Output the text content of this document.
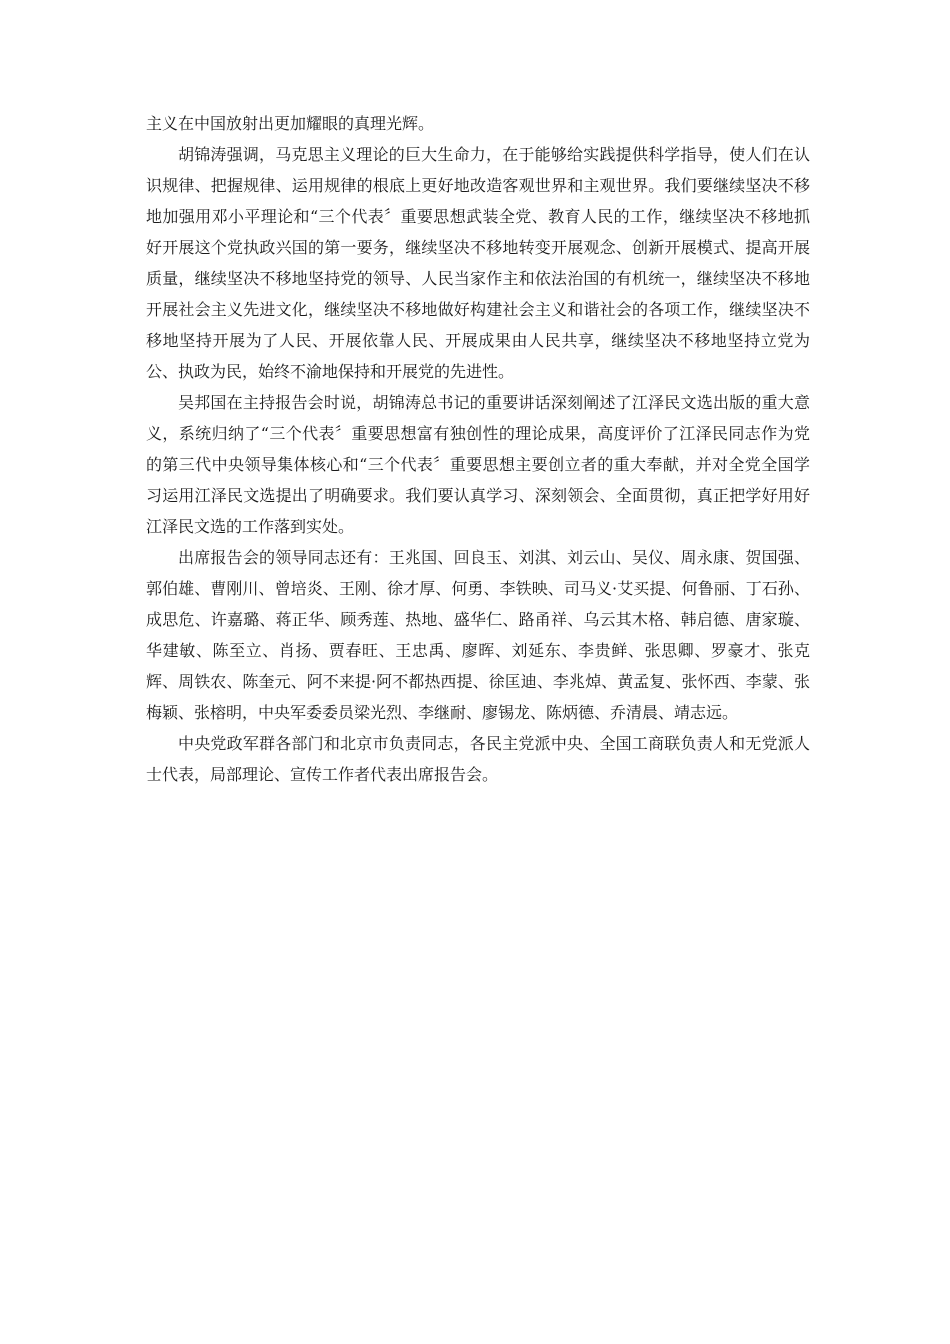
主义在中国放射出更加耀眼的真理光辉。

胡锦涛强调，马克思主义理论的巨大生命力，在于能够给实践提供科学指导，使人们在认识规律、把握规律、运用规律的根底上更好地改造客观世界和主观世界。我们要继续坚决不移地加强用邓小平理论和“三个代表〞重要思想武装全党、教育人民的工作，继续坚决不移地抓好开展这个党执政兴国的第一要务，继续坚决不移地转变开展观念、创新开展模式、提高开展质量，继续坚决不移地坚持党的领导、人民当家作主和依法治国的有机统一，继续坚决不移地开展社会主义先进文化，继续坚决不移地做好构建社会主义和谐社会的各项工作，继续坚决不移地坚持开展为了人民、开展依靠人民、开展成果由人民共享，继续坚决不移地坚持立党为公、执政为民，始终不渝地保持和开展党的先进性。

吴邦国在主持报告会时说，胡锦涛总书记的重要讲话深刻阐述了江泽民文选出版的重大意义，系统归纳了“三个代表〞重要思想富有独创性的理论成果，高度评价了江泽民同志作为党的第三代中央领导集体核心和“三个代表〞重要思想主要创立者的重大奉献，并对全党全国学习运用江泽民文选提出了明确要求。我们要认真学习、深刻领会、全面贯彻，真正把学好用好江泽民文选的工作落到实处。

出席报告会的领导同志还有：王兆国、回良玉、刘淇、刘云山、吴仪、周永康、贺国强、郭伯雄、曹刚川、曾培炎、王刚、徐才厚、何勇、李铁映、司马义·艾买提、何鲁丽、丁石孙、成思危、许嘉璐、蒋正华、顾秀莲、热地、盛华仁、路甬祥、乌云其木格、韩启德、唐家璇、华建敏、陈至立、肖扬、贾春旺、王忠禹、廖晖、刘延东、李贵鲜、张思卿、罗豪才、张克辉、周铁农、陈奎元、阿不来提·阿不都热西提、徐匡迪、李兆焯、黄孟复、张怀西、李蒙、张梅颖、张榕明，中央军委委员梁光烈、李继耐、廖锡龙、陈炳德、乔清晨、靖志远。

中央党政军群各部门和北京市负责同志，各民主党派中央、全国工商联负责人和无党派人士代表，局部理论、宣传工作者代表出席报告会。
